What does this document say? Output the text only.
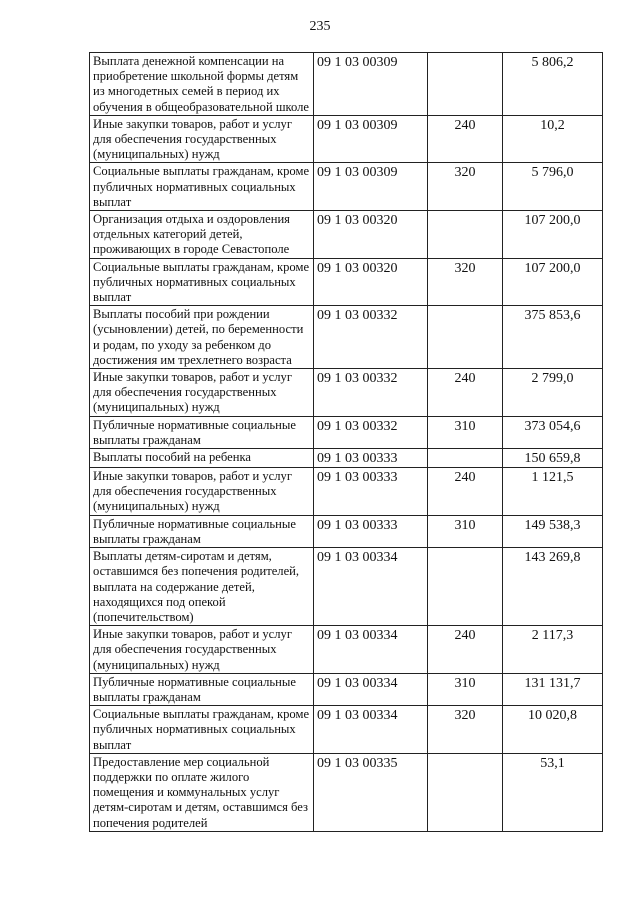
235
Выплата денежной компенсации на приобретение школьной формы детям из многодетных семей в период их обучения в общеобразовательной школе	09 1 03 00309		5 806,2
Иные закупки товаров, работ и услуг для обеспечения государственных (муниципальных) нужд	09 1 03 00309	240	10,2
Социальные выплаты гражданам, кроме публичных нормативных социальных выплат	09 1 03 00309	320	5 796,0
Организация отдыха и оздоровления отдельных категорий детей, проживающих в городе Севастополе	09 1 03 00320		107 200,0
Социальные выплаты гражданам, кроме публичных нормативных социальных выплат	09 1 03 00320	320	107 200,0
Выплаты пособий при рождении (усыновлении) детей, по беременности и родам, по уходу за ребенком до достижения им трехлетнего возраста	09 1 03 00332		375 853,6
Иные закупки товаров, работ и услуг для обеспечения государственных (муниципальных) нужд	09 1 03 00332	240	2 799,0
Публичные нормативные социальные выплаты гражданам	09 1 03 00332	310	373 054,6
Выплаты пособий на ребенка	09 1 03 00333		150 659,8
Иные закупки товаров, работ и услуг для обеспечения государственных (муниципальных) нужд	09 1 03 00333	240	1 121,5
Публичные нормативные социальные выплаты гражданам	09 1 03 00333	310	149 538,3
Выплаты детям-сиротам и детям, оставшимся без попечения родителей, выплата на содержание детей, находящихся под опекой (попечительством)	09 1 03 00334		143 269,8
Иные закупки товаров, работ и услуг для обеспечения государственных (муниципальных) нужд	09 1 03 00334	240	2 117,3
Публичные нормативные социальные выплаты гражданам	09 1 03 00334	310	131 131,7
Социальные выплаты гражданам, кроме публичных нормативных социальных выплат	09 1 03 00334	320	10 020,8
Предоставление мер социальной поддержки по оплате жилого помещения и коммунальных услуг детям-сиротам и детям, оставшимся без попечения родителей	09 1 03 00335		53,1
